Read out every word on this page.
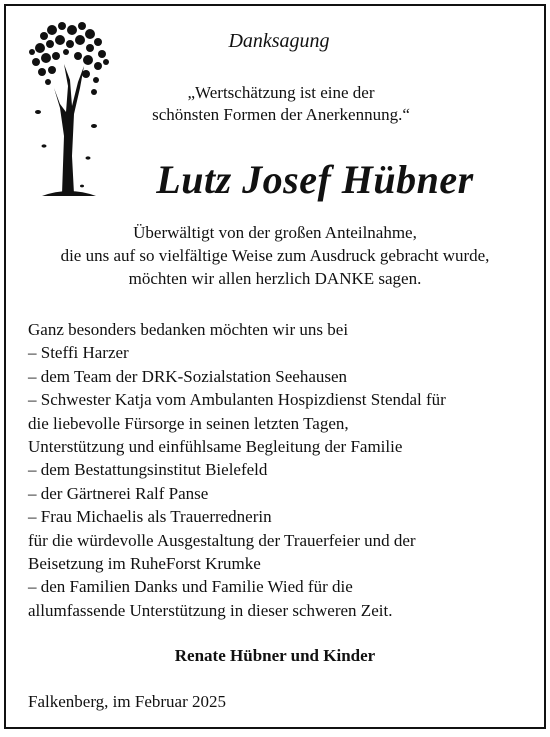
Danksagung
„Wertschätzung ist eine der
schönsten Formen der Anerkennung.“
Lutz Josef Hübner
Überwältigt von der großen Anteilnahme,
die uns auf so vielfältige Weise zum Ausdruck gebracht wurde,
möchten wir allen herzlich DANKE sagen.
Ganz besonders bedanken möchten wir uns bei
– Steffi Harzer
– dem Team der DRK-Sozialstation Seehausen
– Schwester Katja vom Ambulanten Hospizdienst Stendal für
die liebevolle Fürsorge in seinen letzten Tagen,
Unterstützung und einfühlsame Begleitung der Familie
– dem Bestattungsinstitut Bielefeld
– der Gärtnerei Ralf Panse
– Frau Michaelis als Trauerrednerin
für die würdevolle Ausgestaltung der Trauerfeier und der
Beisetzung im RuheForst Krumke
– den Familien Danks und Familie Wied für die
allumfassende Unterstützung in dieser schweren Zeit.
Renate Hübner und Kinder
Falkenberg, im Februar 2025
